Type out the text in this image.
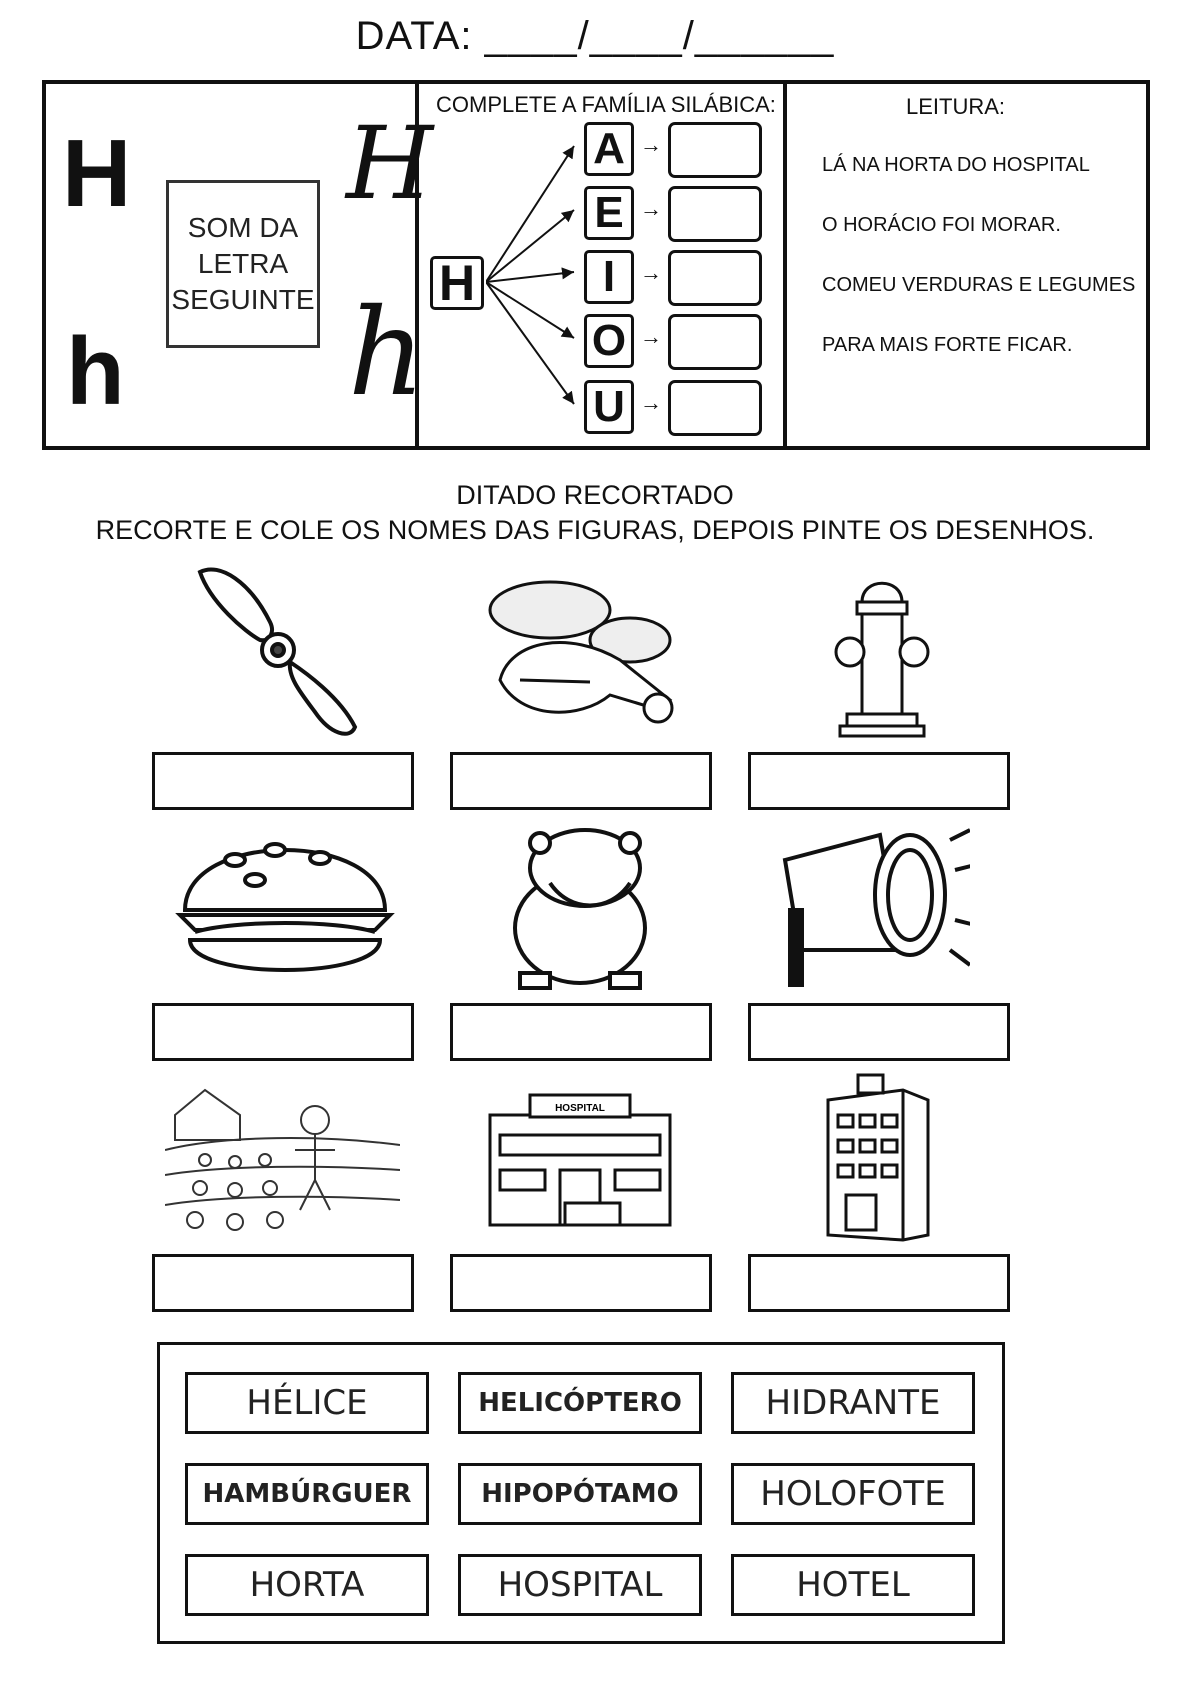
DATA: ____/____/______
H
h
H
h
SOM DA
LETRA
SEGUINTE
COMPLETE A FAMÍLIA SILÁBICA:
H
A
E
I
O
U
→
→
→
→
→
LEITURA:
LÁ NA HORTA DO HOSPITAL
O HORÁCIO FOI MORAR.
COMEU VERDURAS E LEGUMES
PARA MAIS FORTE FICAR.
DITADO RECORTADO
RECORTE E COLE OS NOMES DAS FIGURAS, DEPOIS PINTE OS DESENHOS.
HOSPITAL
HÉLICE	HELICÓPTERO	HIDRANTE
HAMBÚRGUER	HIPOPÓTAMO	HOLOFOTE
HORTA	HOSPITAL	HOTEL
